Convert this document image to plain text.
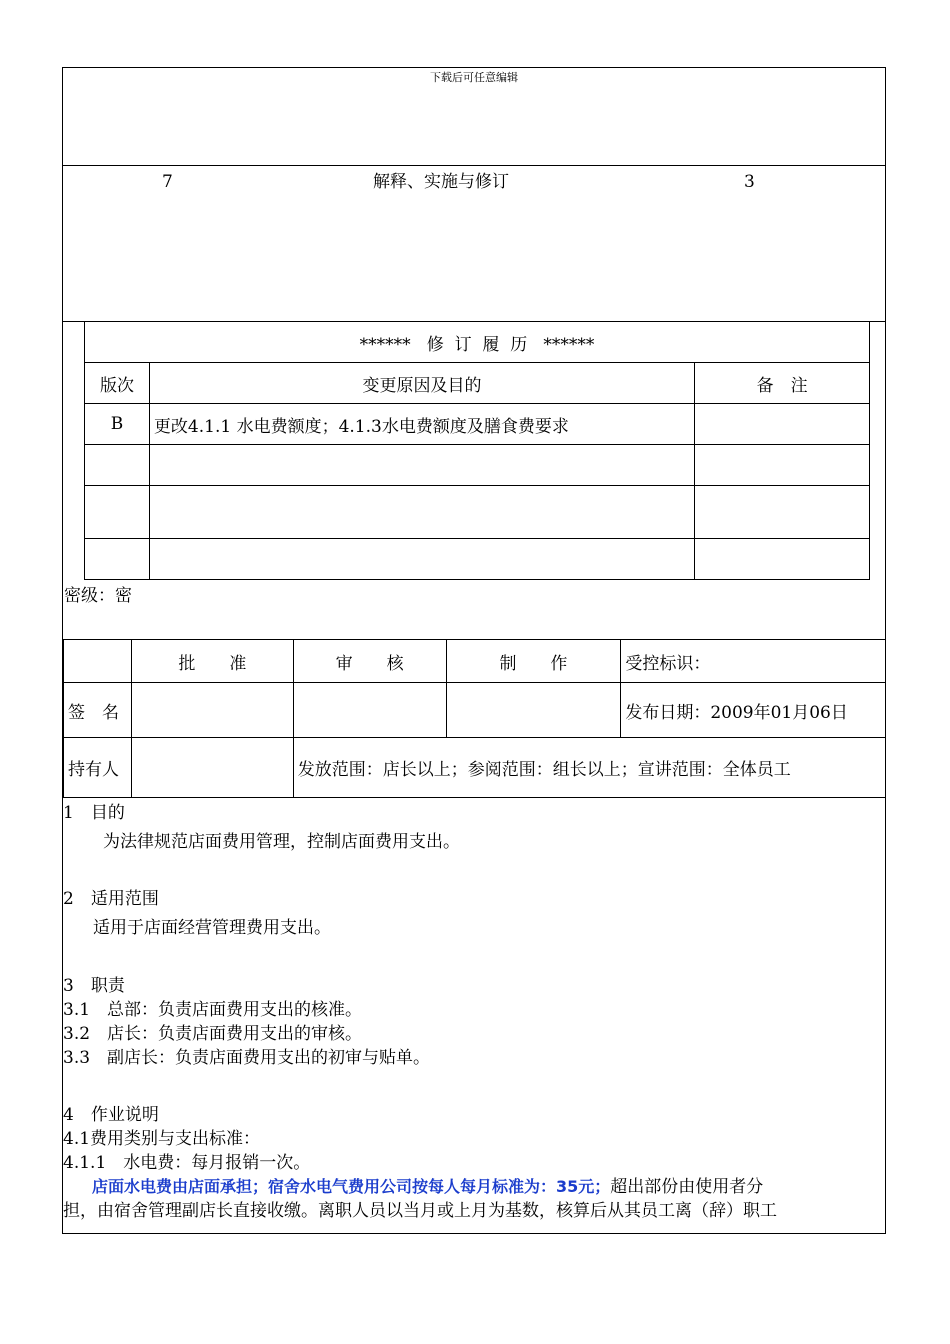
下载后可任意编辑
7	解释、实施与修订	3
******   修  订  履  历   ******		
版次	变更原因及目的	备　注
B	更改4.1.1 水电费额度；4.1.3水电费额度及膳食费要求	

密级：密
	批　　准	审　　核	制　　作	受控标识：
签　名				发布日期：2009年01月06日
持有人		发放范围：店长以上；参阅范围：组长以上；宣讲范围：全体员工		
1　目的
为法律规范店面费用管理，控制店面费用支出。
2　适用范围
适用于店面经营管理费用支出。
3　职责
3.1　总部：负责店面费用支出的核准。
3.2　店长：负责店面费用支出的审核。
3.3　副店长：负责店面费用支出的初审与贴单。
4　作业说明
4.1费用类别与支出标准：
4.1.1　水电费：每月报销一次。
店面水电费由店面承担；宿舍水电气费用公司按每人每月标准为：35元；超出部份由使用者分
担，由宿舍管理副店长直接收缴。离职人员以当月或上月为基数，核算后从其员工离（辞）职工
